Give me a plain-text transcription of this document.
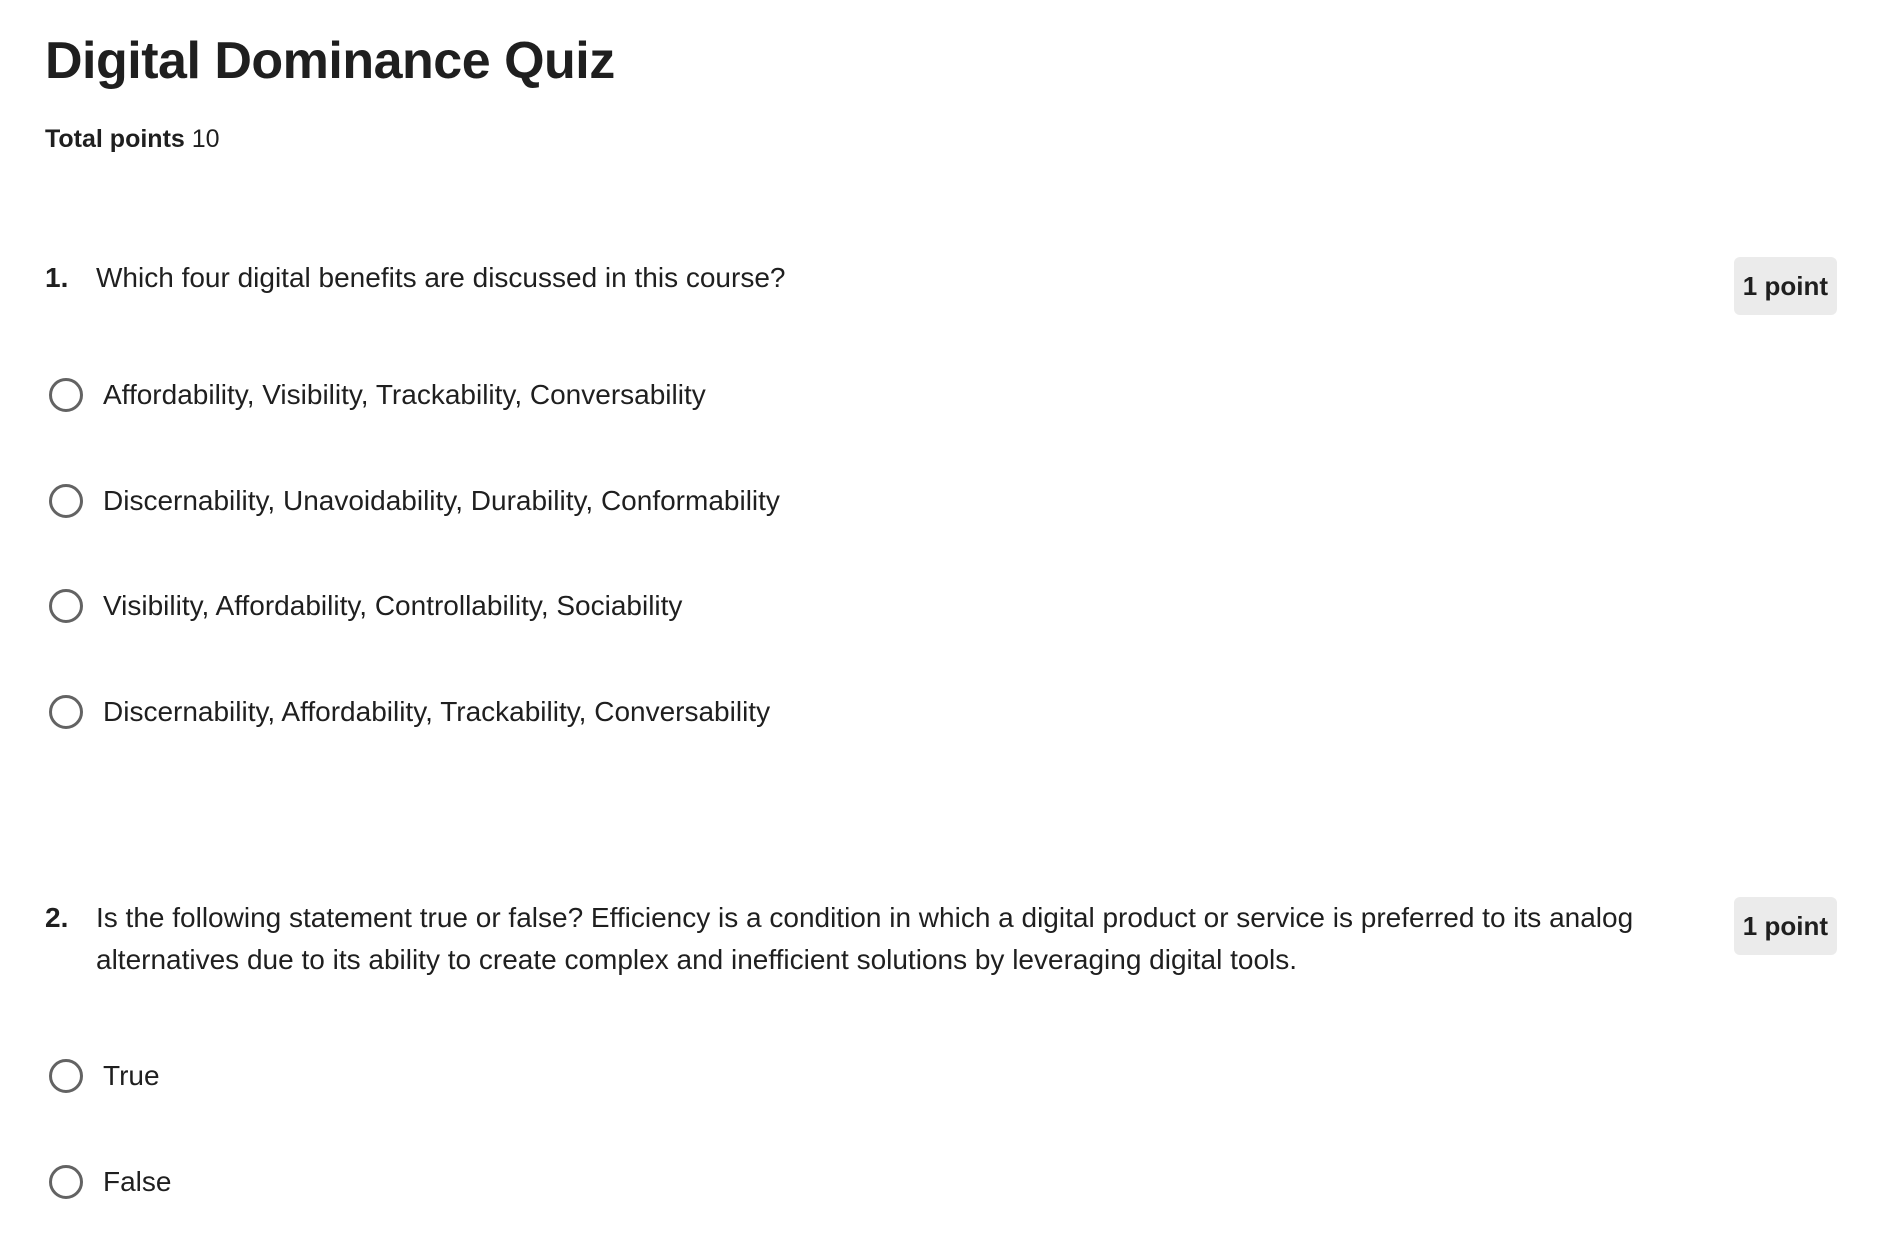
Digital Dominance Quiz
Total points 10
1. Which four digital benefits are discussed in this course?	1 point
Affordability, Visibility, Trackability, Conversability
Discernability, Unavoidability, Durability, Conformability
Visibility, Affordability, Controllability, Sociability
Discernability, Affordability, Trackability, Conversability
2. Is the following statement true or false? Efficiency is a condition in which a digital product or service is preferred to its analog alternatives due to its ability to create complex and inefficient solutions by leveraging digital tools.
1 point
True
False
